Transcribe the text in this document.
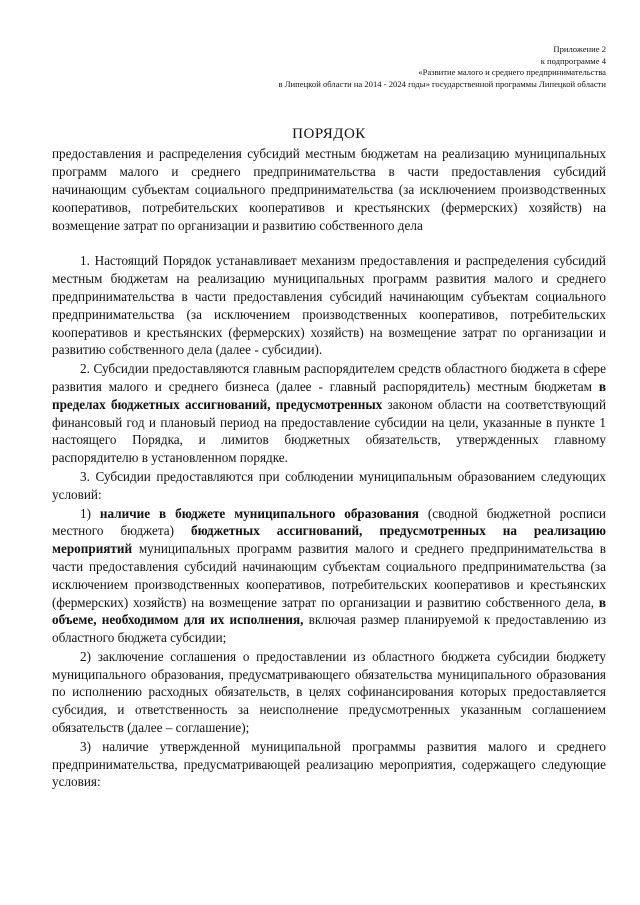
Приложение 2
к подпрограмме 4
«Развитие малого и среднего предпринимательства
в Липецкой области на 2014 - 2024 годы» государственной программы Липецкой области
ПОРЯДОК
предоставления и распределения субсидий местным бюджетам на реализацию муниципальных программ малого и среднего предпринимательства в части предоставления субсидий начинающим субъектам социального предпринимательства (за исключением производственных кооперативов, потребительских кооперативов и крестьянских (фермерских) хозяйств) на возмещение затрат по организации и развитию собственного дела

1. Настоящий Порядок устанавливает механизм предоставления и распределения субсидий местным бюджетам на реализацию муниципальных программ развития малого и среднего предпринимательства в части предоставления субсидий начинающим субъектам социального предпринимательства (за исключением производственных кооперативов, потребительских кооперативов и крестьянских (фермерских) хозяйств) на возмещение затрат по организации и развитию собственного дела (далее - субсидии).

2. Субсидии предоставляются главным распорядителем средств областного бюджета в сфере развития малого и среднего бизнеса (далее - главный распорядитель) местным бюджетам в пределах бюджетных ассигнований, предусмотренных законом области на соответствующий финансовый год и плановый период на предоставление субсидии на цели, указанные в пункте 1 настоящего Порядка, и лимитов бюджетных обязательств, утвержденных главному распорядителю в установленном порядке.

3. Субсидии предоставляются при соблюдении муниципальным образованием следующих условий:

1) наличие в бюджете муниципального образования (сводной бюджетной росписи местного бюджета) бюджетных ассигнований, предусмотренных на реализацию мероприятий муниципальных программ развития малого и среднего предпринимательства в части предоставления субсидий начинающим субъектам социального предпринимательства (за исключением производственных кооперативов, потребительских кооперативов и крестьянских (фермерских) хозяйств) на возмещение затрат по организации и развитию собственного дела, в объеме, необходимом для их исполнения, включая размер планируемой к предоставлению из областного бюджета субсидии;

2) заключение соглашения о предоставлении из областного бюджета субсидии бюджету муниципального образования, предусматривающего обязательства муниципального образования по исполнению расходных обязательств, в целях софинансирования которых предоставляется субсидия, и ответственность за неисполнение предусмотренных указанным соглашением обязательств (далее – соглашение);

3) наличие утвержденной муниципальной программы развития малого и среднего предпринимательства, предусматривающей реализацию мероприятия, содержащего следующие условия:
